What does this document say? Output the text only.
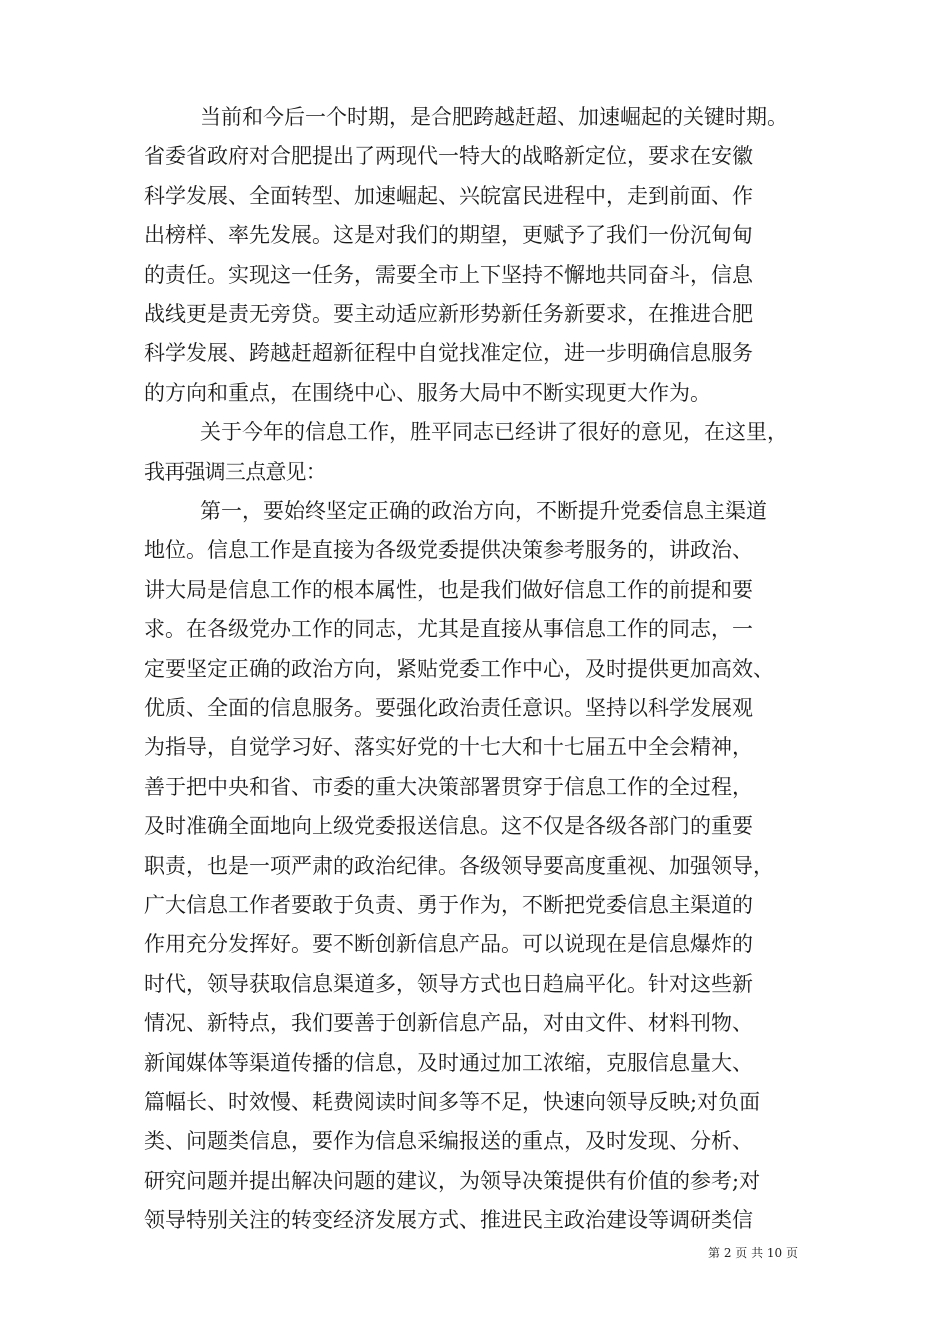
当前和今后一个时期，是合肥跨越赶超、加速崛起的关键时期。

省委省政府对合肥提出了两现代一特大的战略新定位，要求在安徽

科学发展、全面转型、加速崛起、兴皖富民进程中，走到前面、作

出榜样、率先发展。这是对我们的期望，更赋予了我们一份沉甸甸

的责任。实现这一任务，需要全市上下坚持不懈地共同奋斗，信息

战线更是责无旁贷。要主动适应新形势新任务新要求，在推进合肥

科学发展、跨越赶超新征程中自觉找准定位，进一步明确信息服务

的方向和重点，在围绕中心、服务大局中不断实现更大作为。

关于今年的信息工作，胜平同志已经讲了很好的意见，在这里，

我再强调三点意见：

第一，要始终坚定正确的政治方向，不断提升党委信息主渠道

地位。信息工作是直接为各级党委提供决策参考服务的，讲政治、

讲大局是信息工作的根本属性，也是我们做好信息工作的前提和要

求。在各级党办工作的同志，尤其是直接从事信息工作的同志，一

定要坚定正确的政治方向，紧贴党委工作中心，及时提供更加高效、

优质、全面的信息服务。要强化政治责任意识。坚持以科学发展观

为指导，自觉学习好、落实好党的十七大和十七届五中全会精神，

善于把中央和省、市委的重大决策部署贯穿于信息工作的全过程，

及时准确全面地向上级党委报送信息。这不仅是各级各部门的重要

职责，也是一项严肃的政治纪律。各级领导要高度重视、加强领导，

广大信息工作者要敢于负责、勇于作为，不断把党委信息主渠道的

作用充分发挥好。要不断创新信息产品。可以说现在是信息爆炸的

时代，领导获取信息渠道多，领导方式也日趋扁平化。针对这些新

情况、新特点，我们要善于创新信息产品，对由文件、材料刊物、

新闻媒体等渠道传播的信息，及时通过加工浓缩，克服信息量大、

篇幅长、时效慢、耗费阅读时间多等不足，快速向领导反映;对负面

类、问题类信息，要作为信息采编报送的重点，及时发现、分析、

研究问题并提出解决问题的建议，为领导决策提供有价值的参考;对

领导特别关注的转变经济发展方式、推进民主政治建设等调研类信

第 2 页 共 10 页
